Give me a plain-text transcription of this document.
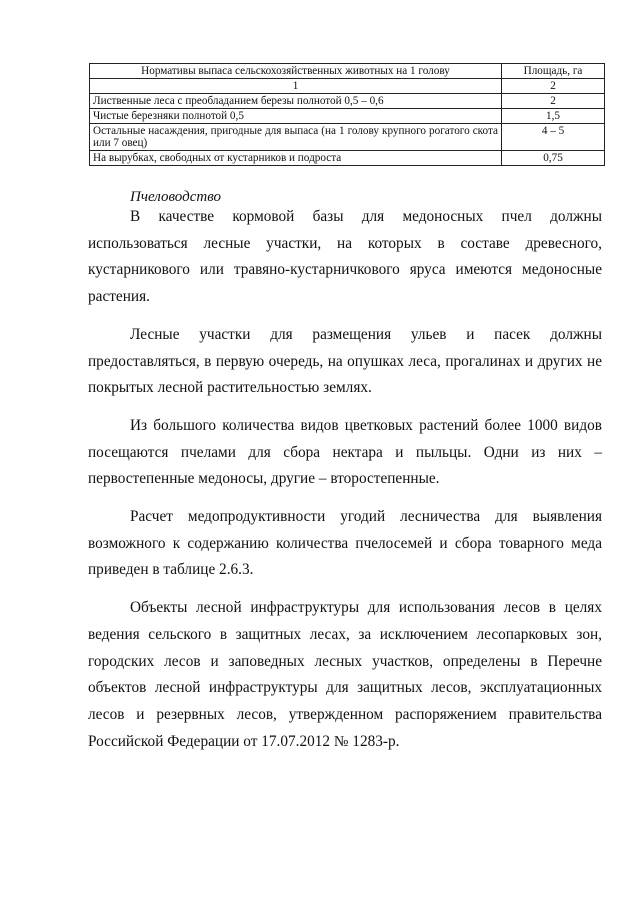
Нормативы выпаса сельскохозяйственных животных на 1 голову	Площадь, га
1	2
Лиственные леса с преобладанием березы полнотой 0,5 – 0,6	2
Чистые березняки полнотой 0,5	1,5
Остальные насаждения, пригодные для выпаса (на 1 голову крупного рогатого скота или 7 овец)	4 – 5
На вырубках, свободных от кустарников и подроста	0,75
Пчеловодство

В качестве кормовой базы для медоносных пчел должны использоваться лесные участки, на которых в составе древесного, кустарникового или травяно-кустарничкового яруса имеются медоносные растения.

Лесные участки для размещения ульев и пасек должны предоставляться, в первую очередь, на опушках леса, прогалинах и других не покрытых лесной растительностью землях.

Из большого количества видов цветковых растений более 1000 видов посещаются пчелами для сбора нектара и пыльцы. Одни из них – первостепенные медоносы, другие – второстепенные.

Расчет медопродуктивности угодий лесничества для выявления возможного к содержанию количества пчелосемей и сбора товарного меда приведен в таблице 2.6.3.

Объекты лесной инфраструктуры для использования лесов в целях ведения сельского в защитных лесах, за исключением лесопарковых зон, городских лесов и заповедных лесных участков, определены в Перечне объектов лесной инфраструктуры для защитных лесов, эксплуатационных лесов и резервных лесов, утвержденном распоряжением правительства Российской Федерации от 17.07.2012 № 1283-р.
